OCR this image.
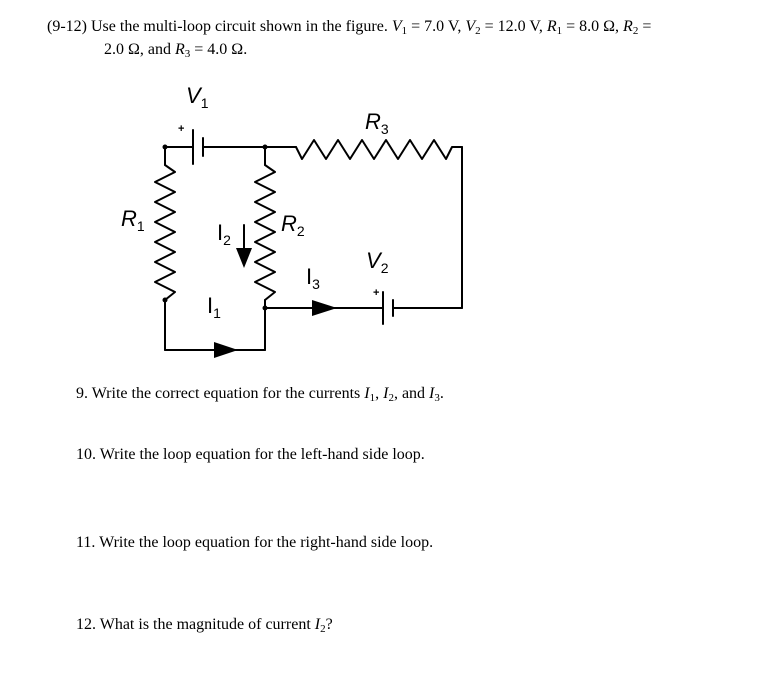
(9-12) Use the multi-loop circuit shown in the figure. $V_1 = 7.0$ V, $V_2 = 12.0$ V, $R_1 = 8.0$ Ω, $R_2$ =
2.0 Ω, and $R_3 = 4.0$ Ω.
+
+
V1
R3
R1	R2
V2
I2
I3
I1
9. Write the correct equation for the currents $I_1$, $I_2$, and $I_3$.
10. Write the loop equation for the left-hand side loop.
11. Write the loop equation for the right-hand side loop.
12. What is the magnitude of current $I_2$?
